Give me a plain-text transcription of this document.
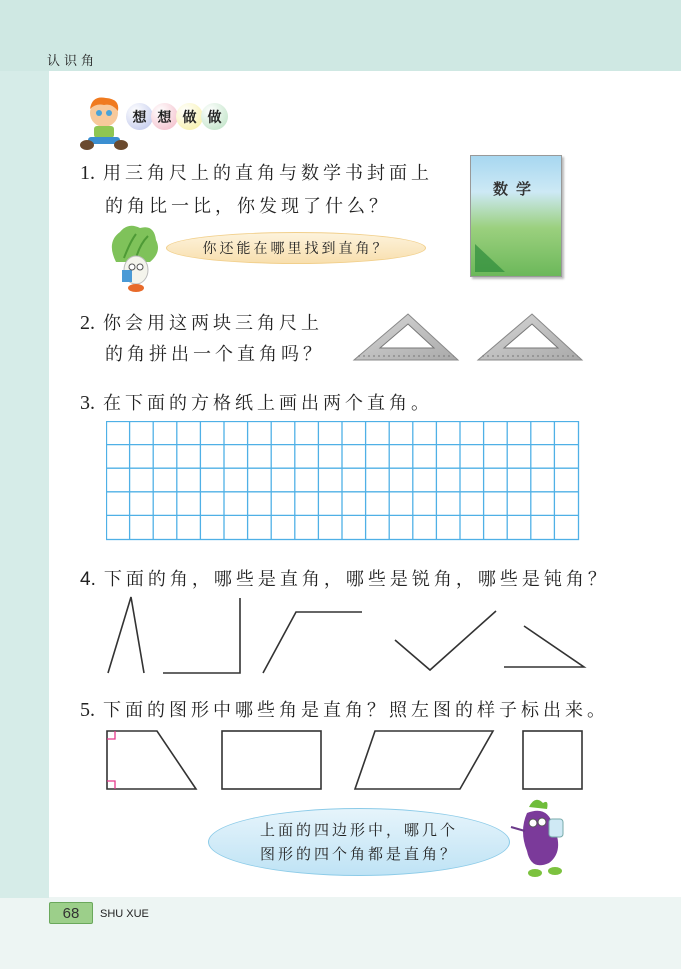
认识角
想 想 做 做
1. 用三角尺上的直角与数学书封面上
的角比一比，你发现了什么？
你还能在哪里找到直角？
数学
2. 你会用这两块三角尺上
的角拼出一个直角吗？
3. 在下面的方格纸上画出两个直角。
4. 下面的角，哪些是直角，哪些是锐角，哪些是钝角？
5. 下面的图形中哪些角是直角？照左图的样子标出来。
上面的四边形中，哪几个
图形的四个角都是直角？
68	SHU XUE
